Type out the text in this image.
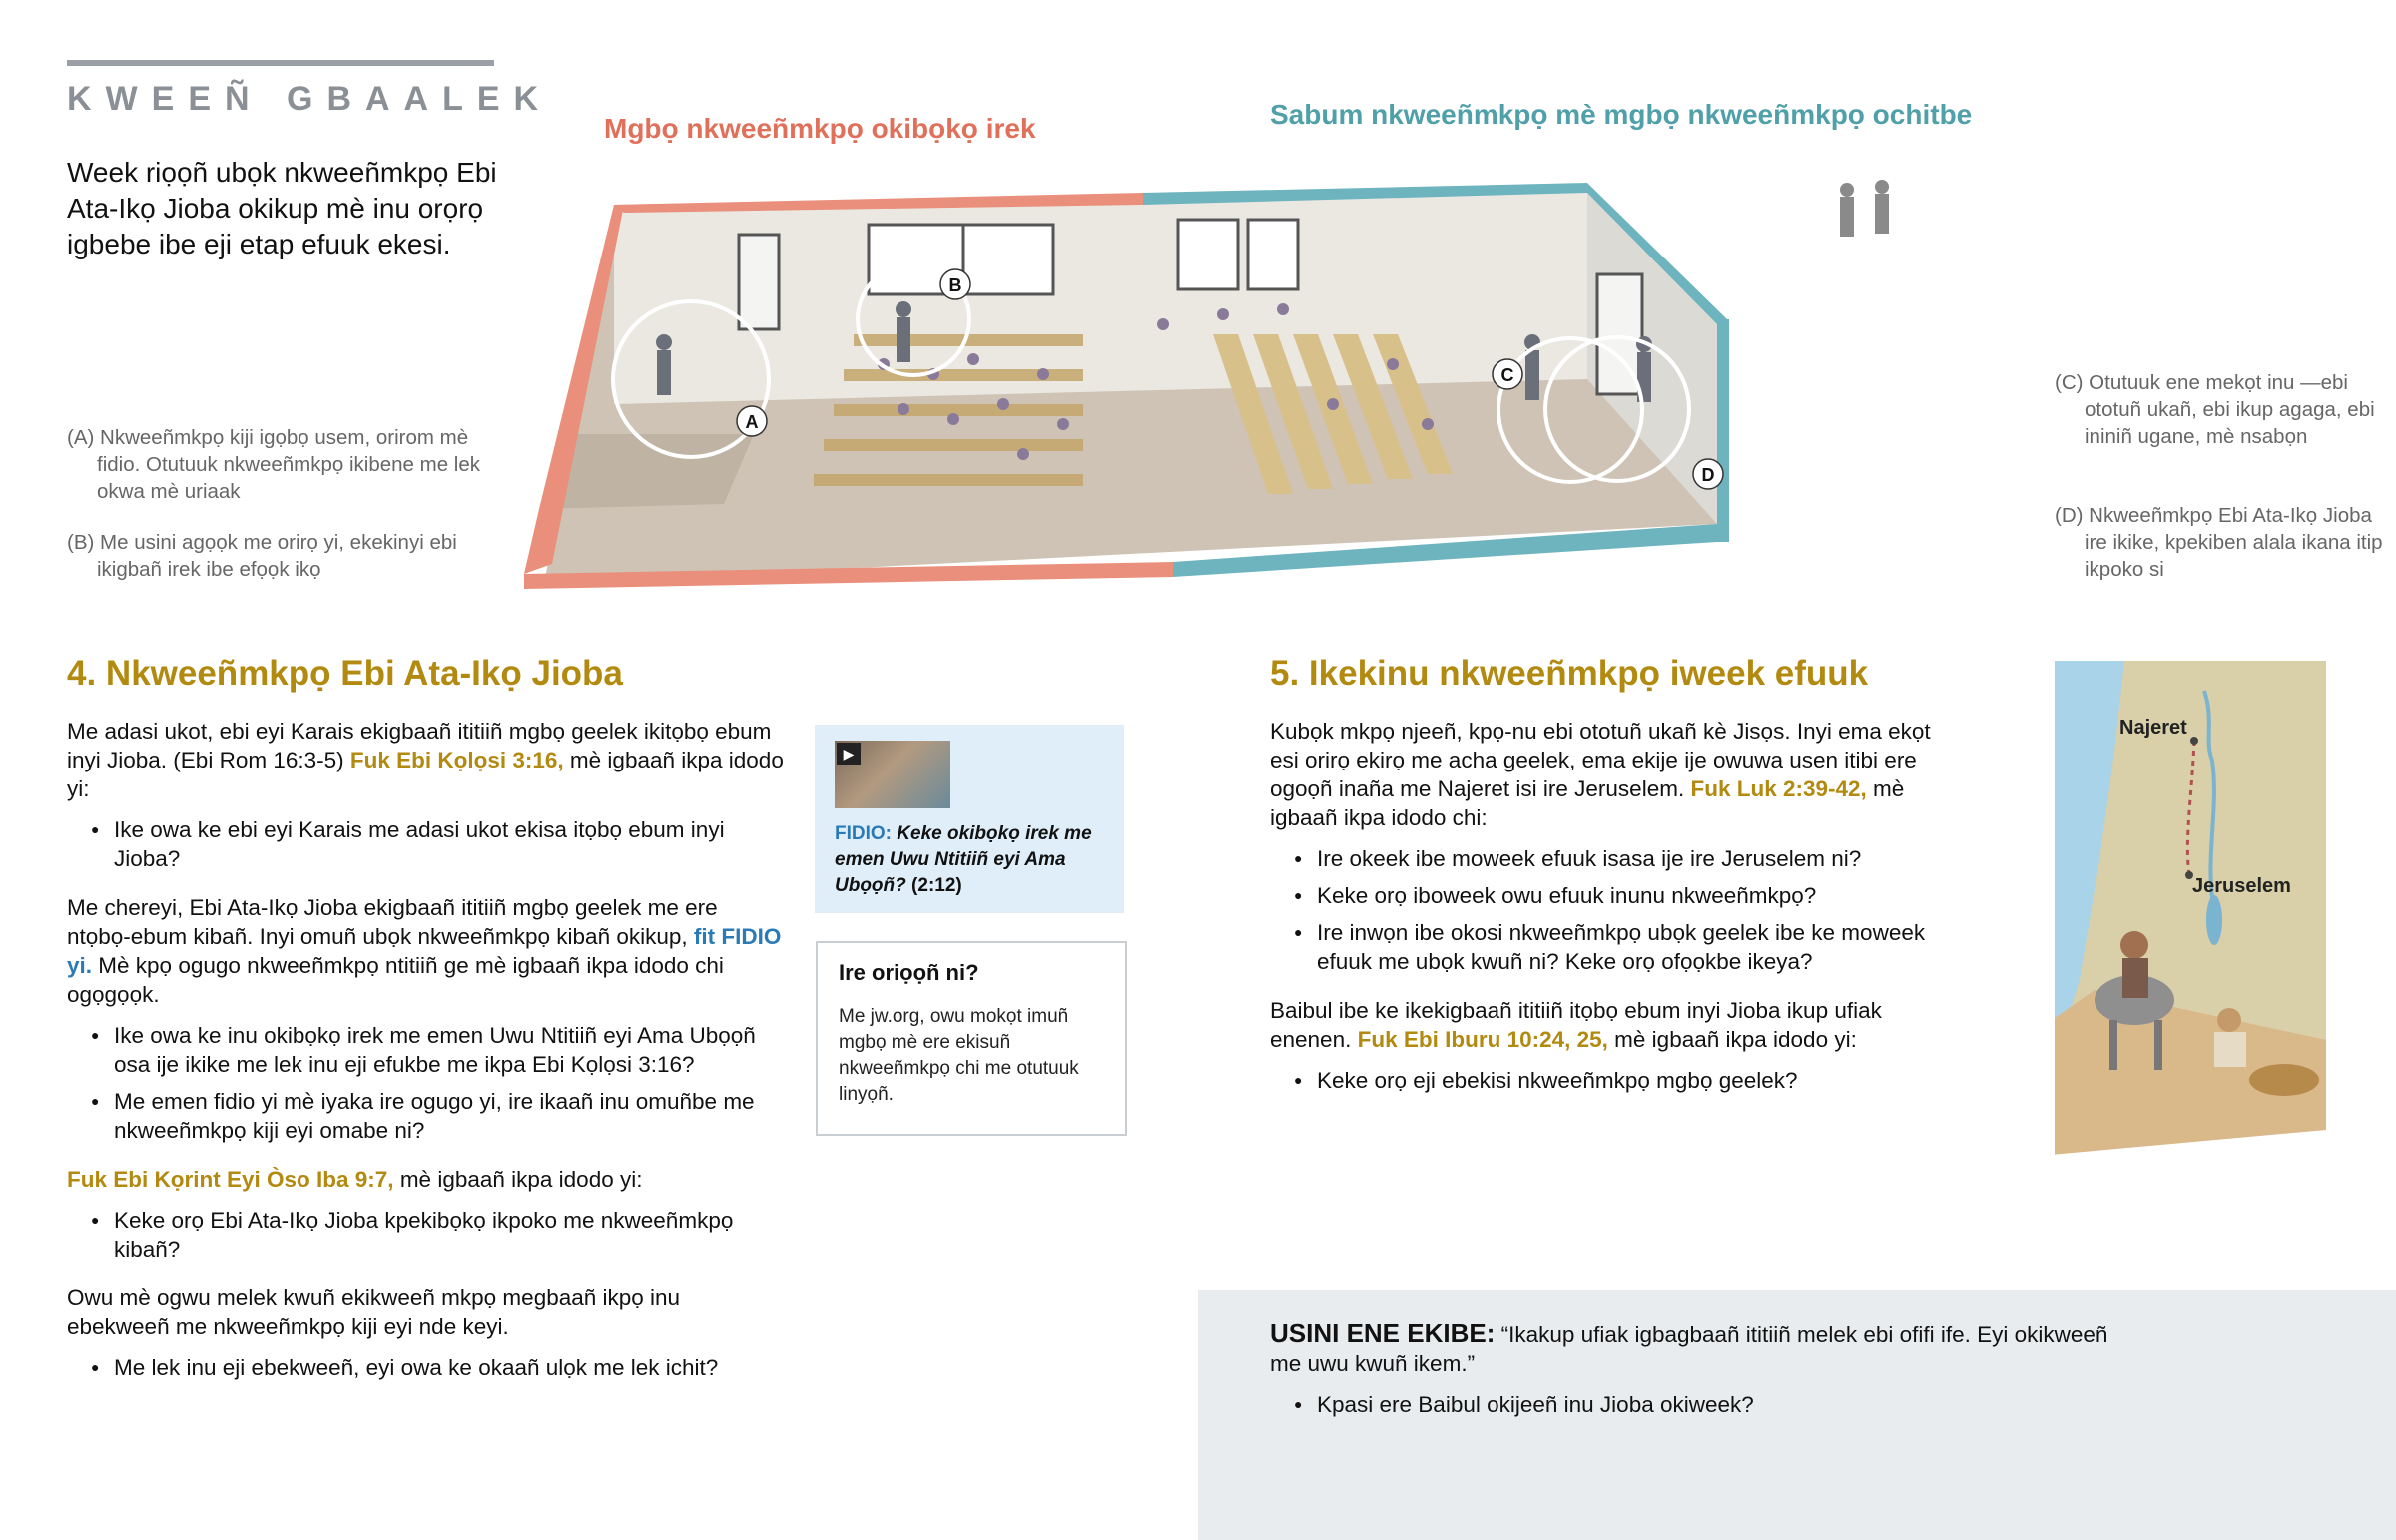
KWEEÑ GBAALEK
Week riọọñ ubọk nkweeñmkpọ Ebi Ata-Ikọ Jioba okikup mè inu orọrọ igbebe ibe eji etap efuuk ekesi.
Mgbọ nkweeñmkpọ okibọkọ irek	Sabum nkweeñmkpọ mè mgbọ nkweeñmkpọ ochitbe
A
B
C
D
(A) Nkweeñmkpọ kiji igọbọ usem, orirom mè fidio. Otutuuk nkweeñmkpọ ikibene me lek okwa mè uriaak
(B) Me usini agọọk me orirọ yi, ekekinyi ebi ikigbañ irek ibe efọọk ikọ
(C) Otutuuk ene mekọt inu —ebi ototuñ ukañ, ebi ikup agaga, ebi ininiñ ugane, mè nsabọn
(D) Nkweeñmkpọ Ebi Ata-Ikọ Jioba ire ikike, kpekiben alala ikana itip ikpoko si
4. Nkweeñmkpọ Ebi Ata-Ikọ Jioba

Me adasi ukot, ebi eyi Karais ekigbaañ ititiiñ mgbọ geelek ikitọbọ ebum inyi Jioba. (Ebi Rom 16:3-5) Fuk Ebi Kọlọsi 3:16, mè igbaañ ikpa idodo yi:

● Ike owa ke ebi eyi Karais me adasi ukot ekisa itọbọ ebum inyi Jioba?

Me chereyi, Ebi Ata-Ikọ Jioba ekigbaañ ititiiñ mgbọ geelek me ere ntọbọ-ebum kibañ. Inyi omuñ ubọk nkweeñmkpọ kibañ okikup, fit FIDIO yi. Mè kpọ ogugo nkweeñmkpọ ntitiiñ ge mè igbaañ ikpa idodo chi ogọgọọk.

● Ike owa ke inu okibọkọ irek me emen Uwu Ntitiiñ eyi Ama Ubọọñ osa ije ikike me lek inu eji efukbe me ikpa Ebi Kọlọsi 3:16?
● Me emen fidio yi mè iyaka ire ogugo yi, ire ikaañ inu omuñbe me nkweeñmkpọ kiji eyi omabe ni?

Fuk Ebi Kọrint Eyi Òso Iba 9:7, mè igbaañ ikpa idodo yi:

● Keke orọ Ebi Ata-Ikọ Jioba kpekibọkọ ikpoko me nkweeñmkpọ kibañ?

Owu mè ogwu melek kwuñ ekikweeñ mkpọ megbaañ ikpọ inu ebekweeñ me nkweeñmkpọ kiji eyi nde keyi.

● Me lek inu eji ebekweeñ, eyi owa ke okaañ ulọk me lek ichit?
▶
FIDIO: Keke okibọkọ irek me emen Uwu Ntitiiñ eyi Ama Ubọọñ? (2:12)
Ire oriọọñ ni?
Me jw.org, owu mokọt imuñ mgbọ mè ere ekisuñ nkweeñmkpọ chi me otutuuk linyọñ.
5. Ikekinu nkweeñmkpọ iweek efuuk

Kubọk mkpọ njeeñ, kpọ-nu ebi ototuñ ukañ kè Jisọs. Inyi ema ekọt esi orirọ ekirọ me acha geelek, ema ekije ije owuwa usen itibi ere ogoọñ inaña me Najeret isi ire Jeruselem. Fuk Luk 2:39-42, mè igbaañ ikpa idodo chi:

● Ire okeek ibe moweek efuuk isasa ije ire Jeruselem ni?
● Keke orọ iboweek owu efuuk inunu nkweeñmkpọ?
● Ire inwọn ibe okosi nkweeñmkpọ ubọk geelek ibe ke moweek efuuk me ubọk kwuñ ni? Keke orọ ofọọkbe ikeya?

Baibul ibe ke ikekigbaañ ititiiñ itọbọ ebum inyi Jioba ikup ufiak enenen. Fuk Ebi Iburu 10:24, 25, mè igbaañ ikpa idodo yi:

● Keke orọ eji ebekisi nkweeñmkpọ mgbọ geelek?
Najeret
Jeruselem

USINI ENE EKIBE: “Ikakup ufiak igbagbaañ ititiiñ melek ebi ofifi ife. Eyi okikweeñ me uwu kwuñ ikem.”

● Kpasi ere Baibul okijeeñ inu Jioba okiweek?
